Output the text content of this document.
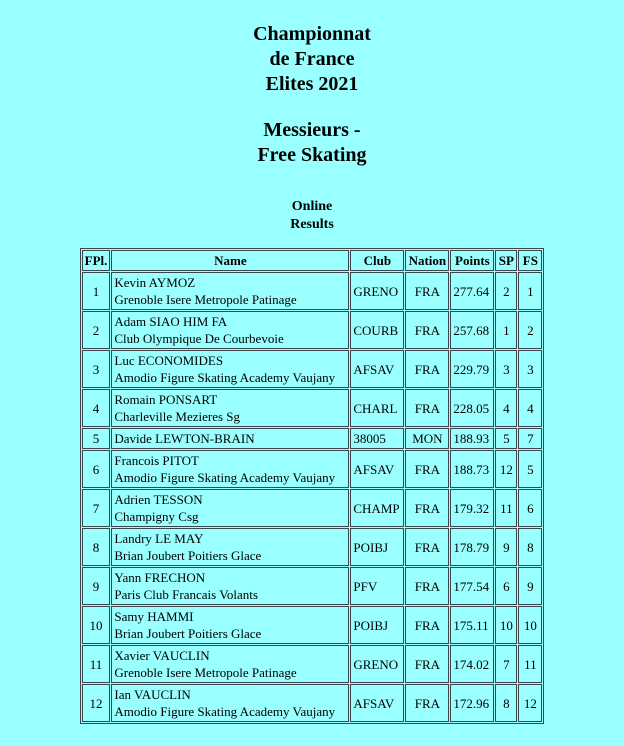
Championnat
de France
Elites 2021
Messieurs -
Free Skating
Online
Results
FPl.	Name	Club	Nation	Points	SP	FS
1	Kevin AYMOZ
Grenoble Isere Metropole Patinage	GRENO	FRA	277.64	2	1
2	Adam SIAO HIM FA
Club Olympique De Courbevoie	COURB	FRA	257.68	1	2
3	Luc ECONOMIDES
Amodio Figure Skating Academy Vaujany	AFSAV	FRA	229.79	3	3
4	Romain PONSART
Charleville Mezieres Sg	CHARL	FRA	228.05	4	4
5	Davide LEWTON-BRAIN	38005	MON	188.93	5	7
6	Francois PITOT
Amodio Figure Skating Academy Vaujany	AFSAV	FRA	188.73	12	5
7	Adrien TESSON
Champigny Csg	CHAMP	FRA	179.32	11	6
8	Landry LE MAY
Brian Joubert Poitiers Glace	POIBJ	FRA	178.79	9	8
9	Yann FRECHON
Paris Club Francais Volants	PFV	FRA	177.54	6	9
10	Samy HAMMI
Brian Joubert Poitiers Glace	POIBJ	FRA	175.11	10	10
11	Xavier VAUCLIN
Grenoble Isere Metropole Patinage	GRENO	FRA	174.02	7	11
12	Ian VAUCLIN
Amodio Figure Skating Academy Vaujany	AFSAV	FRA	172.96	8	12
